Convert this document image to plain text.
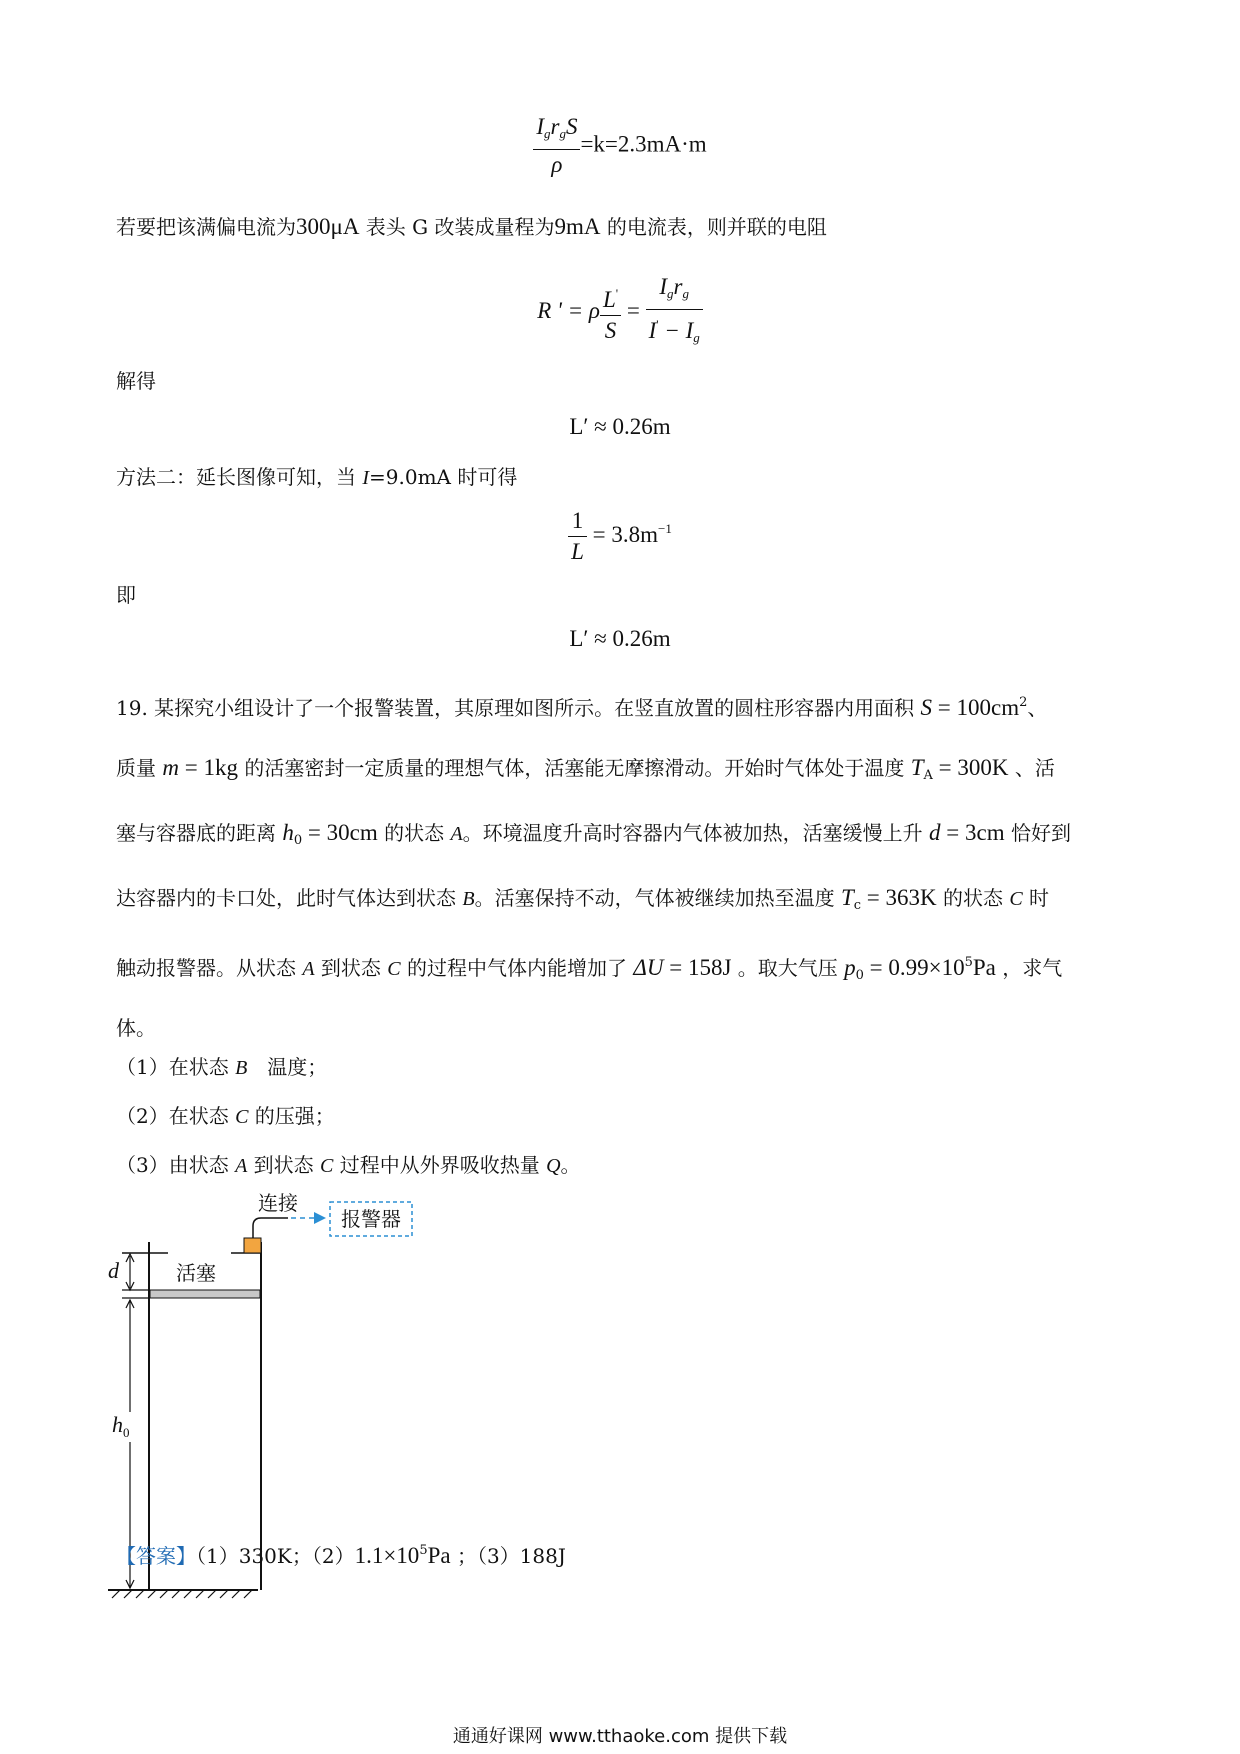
$\frac{I_gr_gS}{\rho} =k=2.3mA\cdot m$
若要把该满偏电流为300μA 表头 G 改装成量程为9mA 的电流表，则并联的电阻
R ' = ρ $\frac{L'}{S} = \frac{I_gr_g}{I' - I_g}$
解得
L′ ≈ 0.26m
方法二：延长图像可知，当 I=9.0mA 时可得
$\frac{1}{L} = 3.8m^{-1}$
即
L′ ≈ 0.26m
19. 某探究小组设计了一个报警装置，其原理如图所示。在竖直放置的圆柱形容器内用面积 $S = 100cm^2$、
质量 m = 1kg 的活塞密封一定质量的理想气体，活塞能无摩擦滑动。开始时气体处于温度 $T_A = 300K$ 、活
塞与容器底的距离 $h_0 = 30cm$ 的状态 A。环境温度升高时容器内气体被加热，活塞缓慢上升 d = 3cm 恰好到
达容器内的卡口处，此时气体达到状态 B。活塞保持不动，气体被继续加热至温度 $T_c = 363K$ 的状态 C 时
触动报警器。从状态 A 到状态 C 的过程中气体内能增加了 ΔU = 158J 。取大气压 $p_0 = 0.99\times 10^5Pa$ ，求气
体。
（1）在状态 B　温度；
（2）在状态 C 的压强；
（3）由状态 A 到状态 C 过程中从外界吸收热量 Q。
报警器
连接
活塞
d
$h_0$
【答案】（1）330K；$(2)1.1\times 10^5Pa$ ；（3）188J
通通好课网 www.tthaoke.com 提供下载
